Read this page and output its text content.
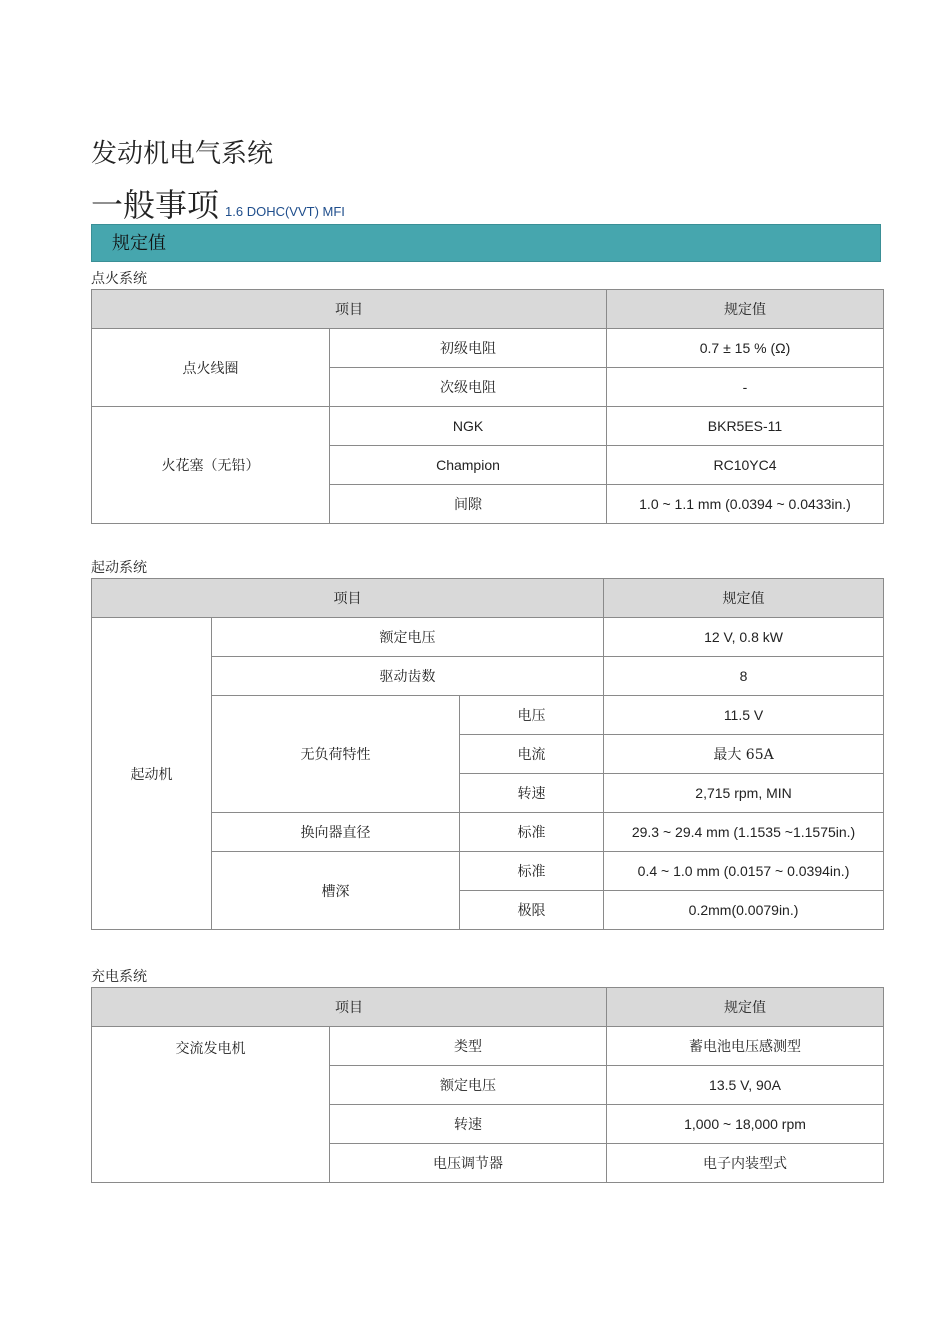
发动机电气系统
一般事项 1.6 DOHC(VVT) MFI
规定值
点火系统
项目		规定值
点火线圈	初级电阻	0.7 ± 15 % (Ω)
	次级电阻	-
火花塞（无铅）	NGK	BKR5ES-11
	Champion	RC10YC4
	间隙	1.0 ~ 1.1 mm (0.0394 ~ 0.0433in.)
起动系统
项目			规定值
起动机	额定电压		12 V, 0.8 kW
	驱动齿数		8
	无负荷特性	电压	11.5 V
		电流	最大 65A
		转速	2,715 rpm, MIN
	换向器直径	标准	29.3 ~ 29.4 mm (1.1535 ~1.1575in.)
	槽深	标准	0.4 ~ 1.0 mm (0.0157 ~ 0.0394in.)
		极限	0.2mm(0.0079in.)
充电系统
项目		规定值
交流发电机	类型	蓄电池电压感测型
	额定电压	13.5 V, 90A
	转速	1,000 ~ 18,000 rpm
	电压调节器	电子内装型式
